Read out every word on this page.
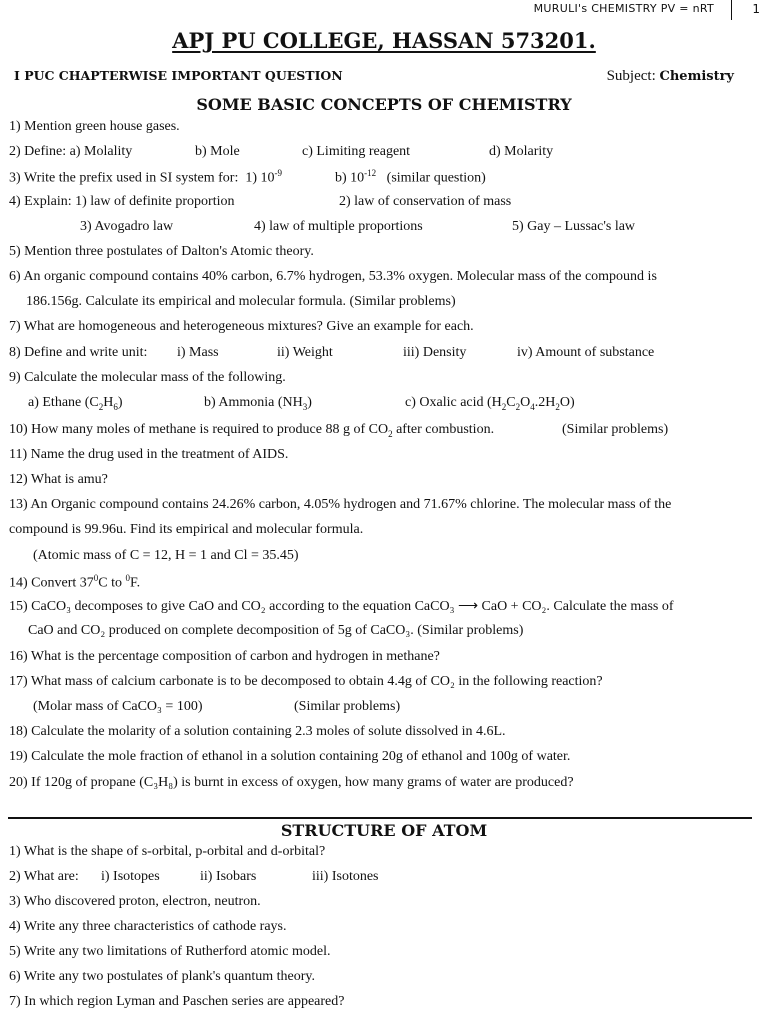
MURULI's CHEMISTRY PV = nRT	1
APJ PU COLLEGE, HASSAN 573201.
I PUC CHAPTERWISE IMPORTANT QUESTION	Subject: Chemistry
SOME BASIC CONCEPTS OF CHEMISTRY
1) Mention green house gases.
2) Define: a) Molality	b) Mole	c) Limiting reagent	d) Molarity
3) Write the prefix used in SI system for: 1) $10^{-9}$	b) $10^{-12}$ (similar question)
4) Explain: 1) law of definite proportion	2) law of conservation of mass
3) Avogadro law	4) law of multiple proportions	5) Gay – Lussac's law
5) Mention three postulates of Dalton's Atomic theory.
6) An organic compound contains 40% carbon, 6.7% hydrogen, 53.3% oxygen. Molecular mass of the compound is
186.156g. Calculate its empirical and molecular formula. (Similar problems)
7) What are homogeneous and heterogeneous mixtures? Give an example for each.
8) Define and write unit: i) Mass	ii) Weight	iii) Density	iv) Amount of substance
9) Calculate the molecular mass of the following.
a) Ethane $(C_2H_6)$	b) Ammonia $(NH_3)$	c) Oxalic acid $(H_2C_2O_4.2H_2O)$
10) How many moles of methane is required to produce 88 g of $CO_2$ after combustion.	(Similar problems)
11) Name the drug used in the treatment of AIDS.
12) What is amu?
13) An Organic compound contains 24.26% carbon, 4.05% hydrogen and 71.67% chlorine. The molecular mass of the
compound is 99.96u. Find its empirical and molecular formula.
(Atomic mass of C = 12, H = 1 and Cl = 35.45)
14) Convert $37^0C$ to $^0$F.
15) CaCO₃ decomposes to give CaO and CO₂ according to the equation CaCO₃ ⟶ CaO + CO₂. Calculate the mass of
CaO and CO₂ produced on complete decomposition of 5g of CaCO₃. (Similar problems)
16) What is the percentage composition of carbon and hydrogen in methane?
17) What mass of calcium carbonate is to be decomposed to obtain 4.4g of CO₂ in the following reaction?
(Molar mass of CaCO₃ = 100)	(Similar problems)
18) Calculate the molarity of a solution containing 2.3 moles of solute dissolved in 4.6L.
19) Calculate the mole fraction of ethanol in a solution containing 20g of ethanol and 100g of water.
20) If 120g of propane (C₃H₈) is burnt in excess of oxygen, how many grams of water are produced?
STRUCTURE OF ATOM
1) What is the shape of s-orbital, p-orbital and d-orbital?
2) What are: i) Isotopes	ii) Isobars	iii) Isotones
3) Who discovered proton, electron, neutron.
4) Write any three characteristics of cathode rays.
5) Write any two limitations of Rutherford atomic model.
6) Write any two postulates of plank's quantum theory.
7) In which region Lyman and Paschen series are appeared?
